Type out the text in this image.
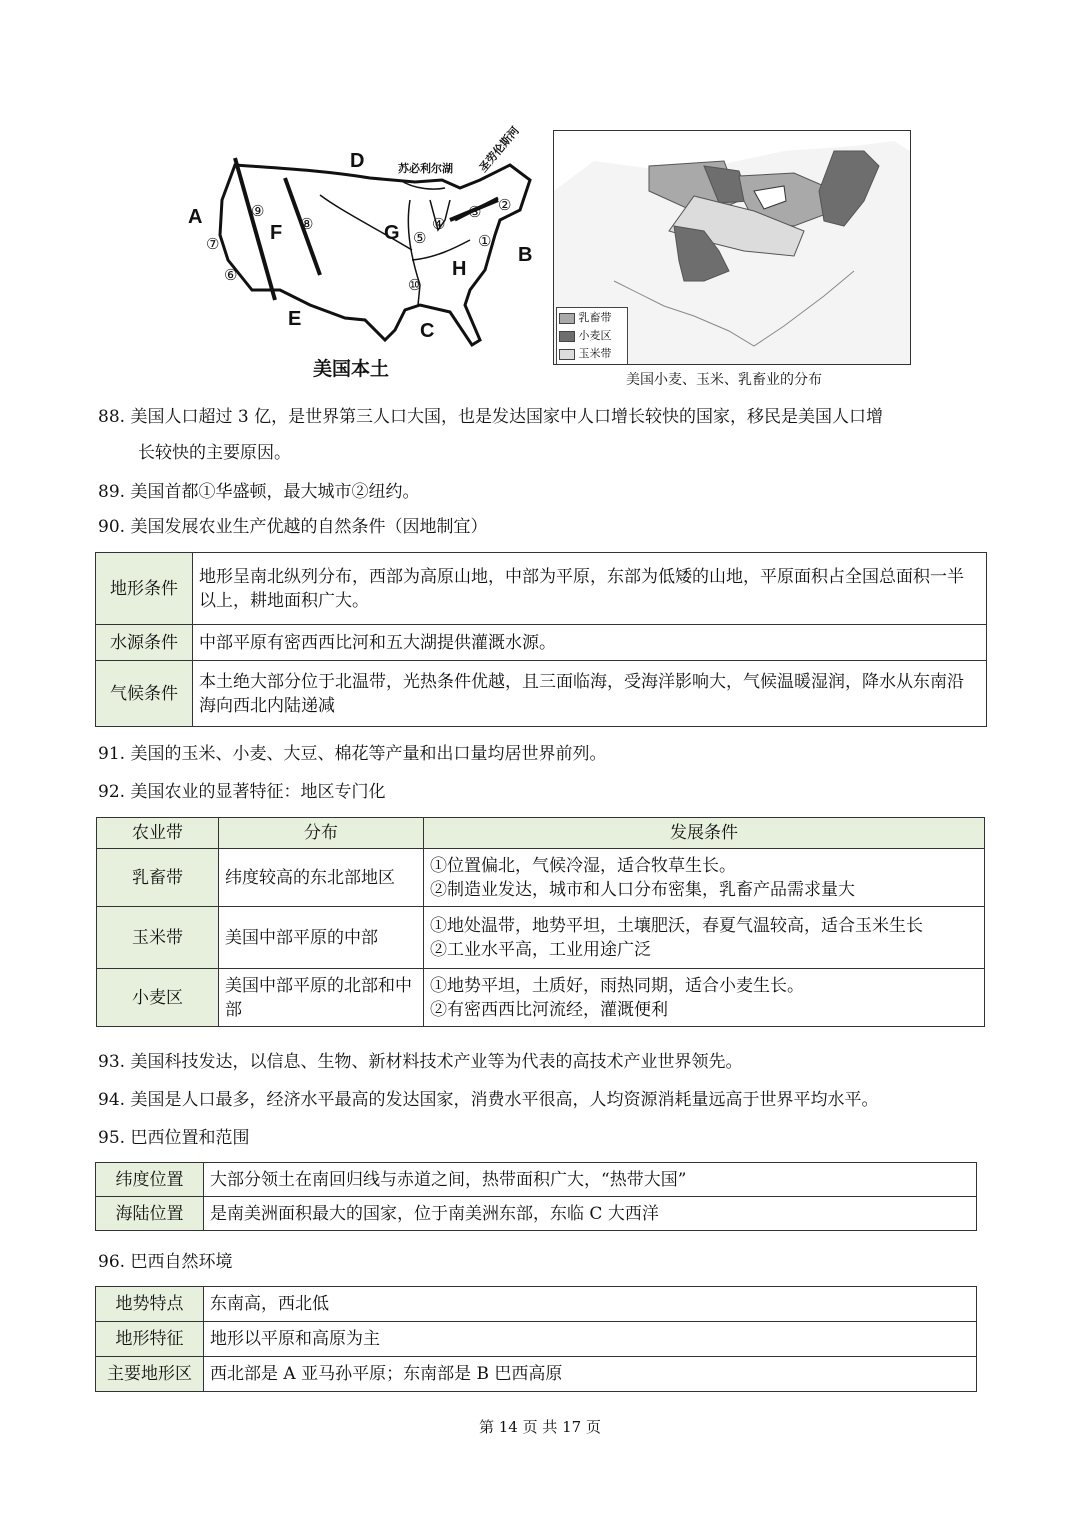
D	苏必利尔湖 圣劳伦斯河
A
F	G
H
B
E
C
①
②
③
④
⑤
⑥
⑦
⑧
⑨
⑩
美国本土
乳畜带
小麦区
玉米带
美国小麦、玉米、乳畜业的分布
88. 美国人口超过 3 亿，是世界第三人口大国，也是发达国家中人口增长较快的国家，移民是美国人口增
长较快的主要原因。
89. 美国首都①华盛顿，最大城市②纽约。
90. 美国发展农业生产优越的自然条件（因地制宜）
地形条件	地形呈南北纵列分布，西部为高原山地，中部为平原，东部为低矮的山地，平原面积占全国总面积一半以上，耕地面积广大。
水源条件	中部平原有密西西比河和五大湖提供灌溉水源。
气候条件	本土绝大部分位于北温带，光热条件优越，且三面临海，受海洋影响大，气候温暖湿润，降水从东南沿海向西北内陆递减
91. 美国的玉米、小麦、大豆、棉花等产量和出口量均居世界前列。
92. 美国农业的显著特征：地区专门化
农业带	分布	发展条件
乳畜带	纬度较高的东北部地区	①位置偏北，气候冷湿，适合牧草生长。
②制造业发达，城市和人口分布密集，乳畜产品需求量大

玉米带	美国中部平原的中部	①地处温带，地势平坦，土壤肥沃，春夏气温较高，适合玉米生长
②工业水平高，工业用途广泛

小麦区	美国中部平原的北部和中部	①地势平坦，土质好，雨热同期，适合小麦生长。
②有密西西比河流经，灌溉便利
93. 美国科技发达，以信息、生物、新材料技术产业等为代表的高技术产业世界领先。
94. 美国是人口最多，经济水平最高的发达国家，消费水平很高，人均资源消耗量远高于世界平均水平。
95. 巴西位置和范围
纬度位置	大部分领土在南回归线与赤道之间，热带面积广大，“热带大国”
海陆位置	是南美洲面积最大的国家，位于南美洲东部，东临 C 大西洋
96. 巴西自然环境
地势特点	东南高，西北低
地形特征	地形以平原和高原为主
主要地形区	西北部是 A 亚马孙平原；东南部是 B 巴西高原
第 14 页 共 17 页
